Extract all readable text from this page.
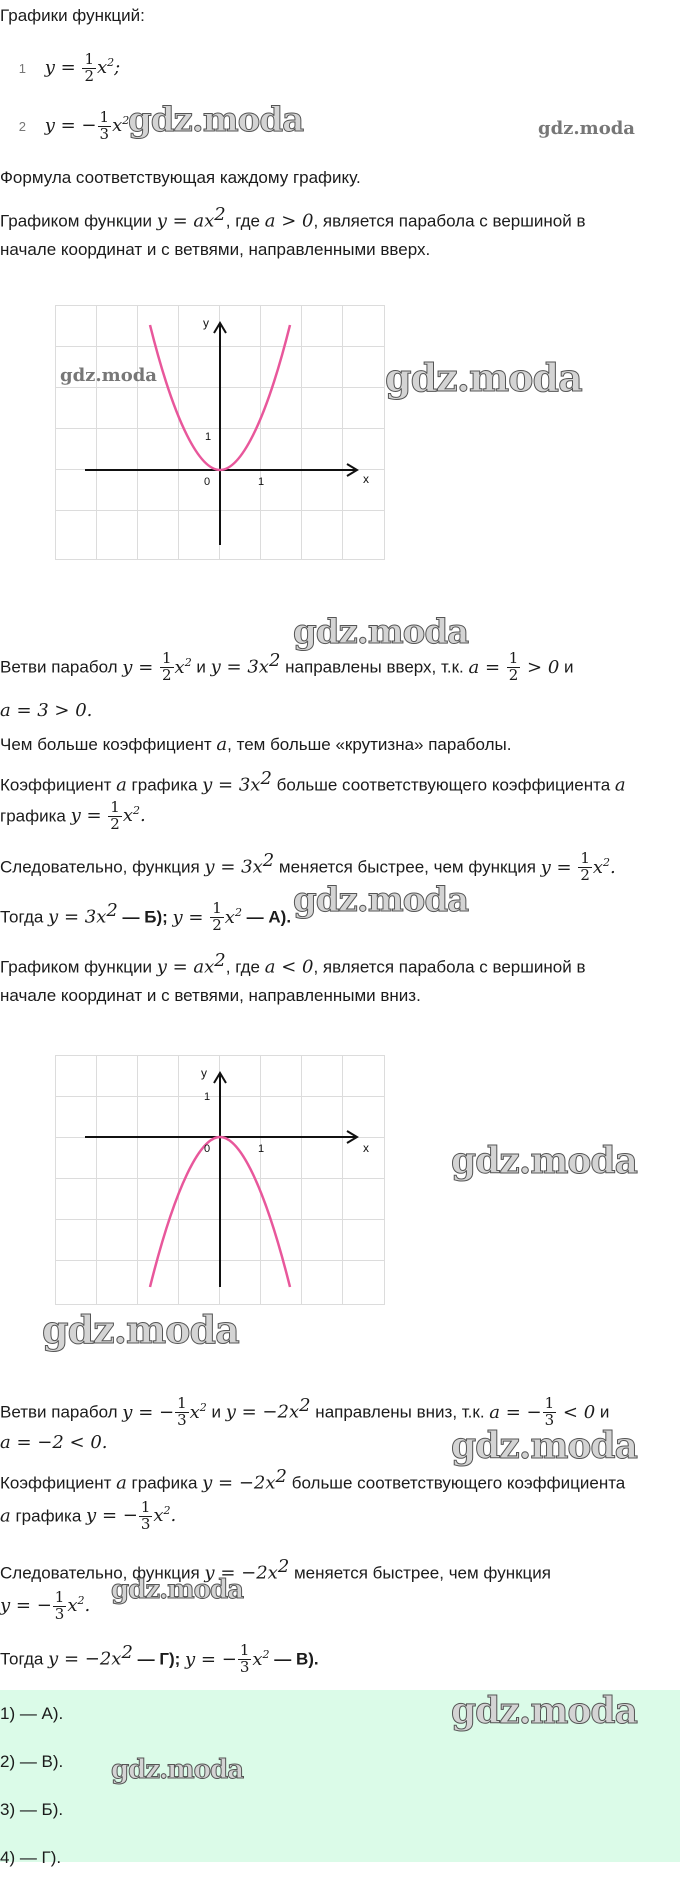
Графики функций:
1 $y = \frac{1}{2} x^2$;
2 y = − $\frac{1}{3} x^2$
Формула соответствующая каждому графику.
Графиком функции $y = ax^2$, где a > 0, является парабола с вершиной в
начале координат и с ветвями, направленными вверх.
y
x
0	1
1
Ветви парабол $y = \frac{1}{2} x^2$ и $y = 3x^2$ направлены вверх, т.к. $a = \frac{1}{2} > 0$ и
a = 3 > 0.
Чем больше коэффициент a, тем больше «крутизна» параболы.
Коэффициент a графика $y = 3x^2$ больше соответствующего коэффициента a
графика $y = \frac{1}{2} x^2$.
Следовательно, функция $y = 3x^2$ меняется быстрее, чем функция $y = \frac{1}{2} x^2$.
Тогда $y = 3x^2$ — Б); $y = \frac{1}{2} x^2$ — А).
Графиком функции $y = ax^2$, где a < 0, является парабола с вершиной в
начале координат и с ветвями, направленными вниз.
y
x
0	1
1
Ветви парабол y = − $\frac{1}{3} x^2$ и $y = -2x^2$ направлены вниз, т.к. a = − $\frac{1}{3} < 0$ и
a = −2 < 0.
Коэффициент a графика $y = -2x^2$ больше соответствующего коэффициента
a графика y = − $\frac{1}{3} x^2$.
Следовательно, функция $y = -2x^2$ меняется быстрее, чем функция
y = − $\frac{1}{3} x^2$.
Тогда $y = -2x^2$ — Г); y = − $\frac{1}{3} x^2$ — В).
1) — А).
2) — В).
3) — Б).
4) — Г).
gdz.moda	gdz.moda
gdz.moda	gdz.moda
gdz.moda
gdz.moda
gdz.moda
gdz.moda
gdz.moda
gdz.moda
gdz.moda
gdz.moda
